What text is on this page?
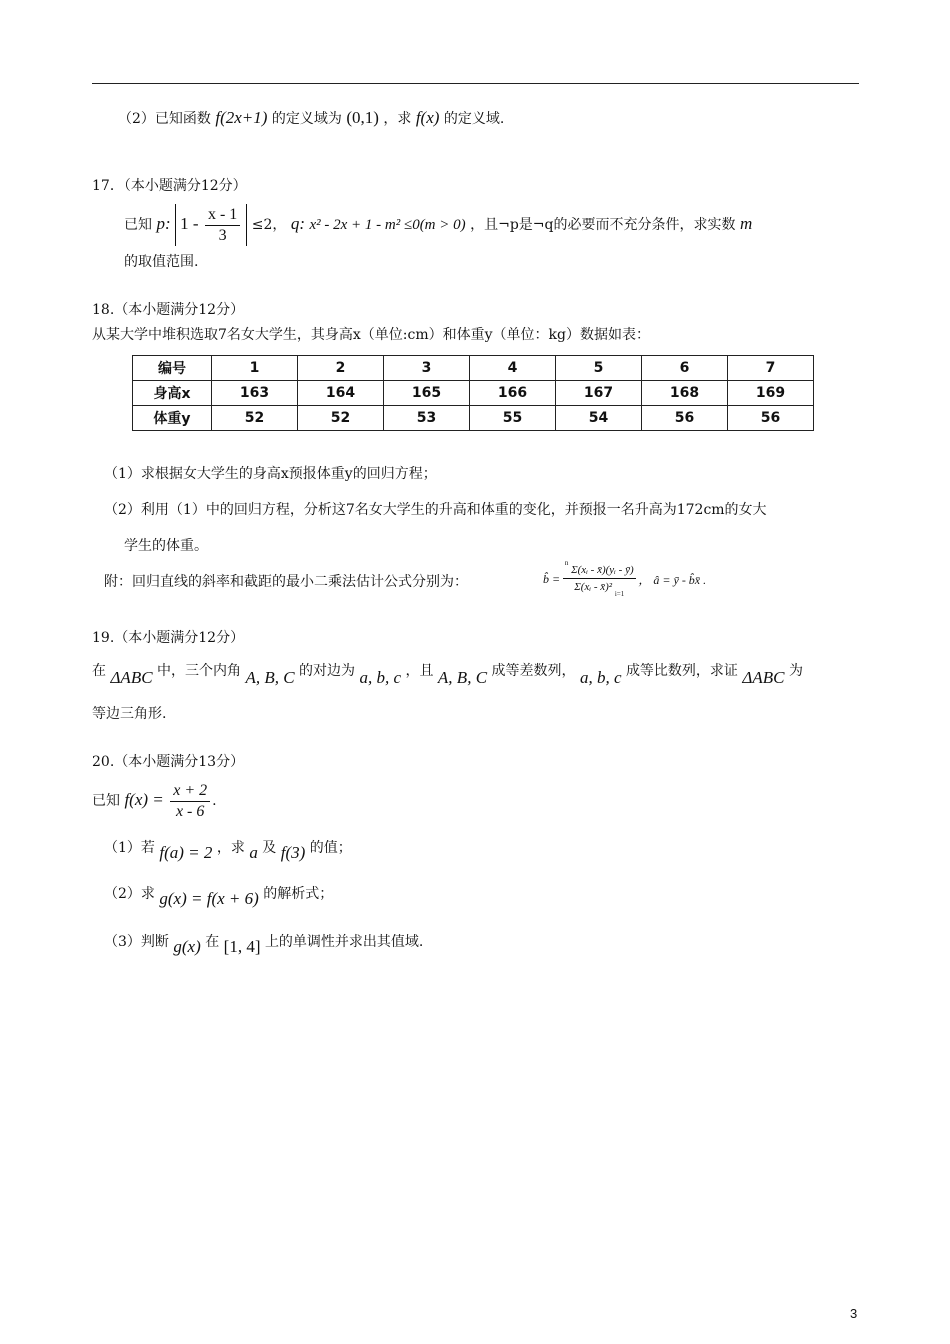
（2）已知函数 f(2x+1) 的定义域为 (0,1) ，求 f(x) 的定义域.
17．（本小题满分12分）
已知 p: $1 - \frac{x - 1}{3} \le 2$， q: x² - 2x + 1 - m² ≤0(m > 0) ，且¬p是¬q的必要而不充分条件，求实数 m
的取值范围.
18.（本小题满分12分）
从某大学中堆积选取7名女大学生，其身高x（单位:cm）和体重y（单位：kg）数据如表：
编号	1	2	3	4	5	6	7
身高x	163	164	165	166	167	168	169
体重y	52	52	53	55	54	56	56
（1）求根据女大学生的身高x预报体重y的回归方程；
（2）利用（1）中的回归方程，分析这7名女大学生的升高和体重的变化，并预报一名升高为172cm的女大
学生的体重。
附：回归直线的斜率和截距的最小二乘法估计公式分别为：	b̂ = $\frac{^n \Sigma(xᵢ - x̄)(yᵢ - ȳ)}{\Sigma(xᵢ - x̄)^2 _{i=1}}$ ， â = ȳ - b̂x̄ .
19.（本小题满分12分）
在 ΔABC 中，三个内角 A, B, C 的对边为 a, b, c ，且 A, B, C 成等差数列， a, b, c 成等比数列，求证 ΔABC 为
等边三角形.
20.（本小题满分13分）
已知 $f(x) = \frac{x + 2}{x - 6}$ .
（1）若 f(a) = 2 ，求 a 及 f(3) 的值；
（2）求 g(x) = f(x + 6) 的解析式；
（3）判断 g(x) 在 [1, 4] 上的单调性并求出其值域.
3
